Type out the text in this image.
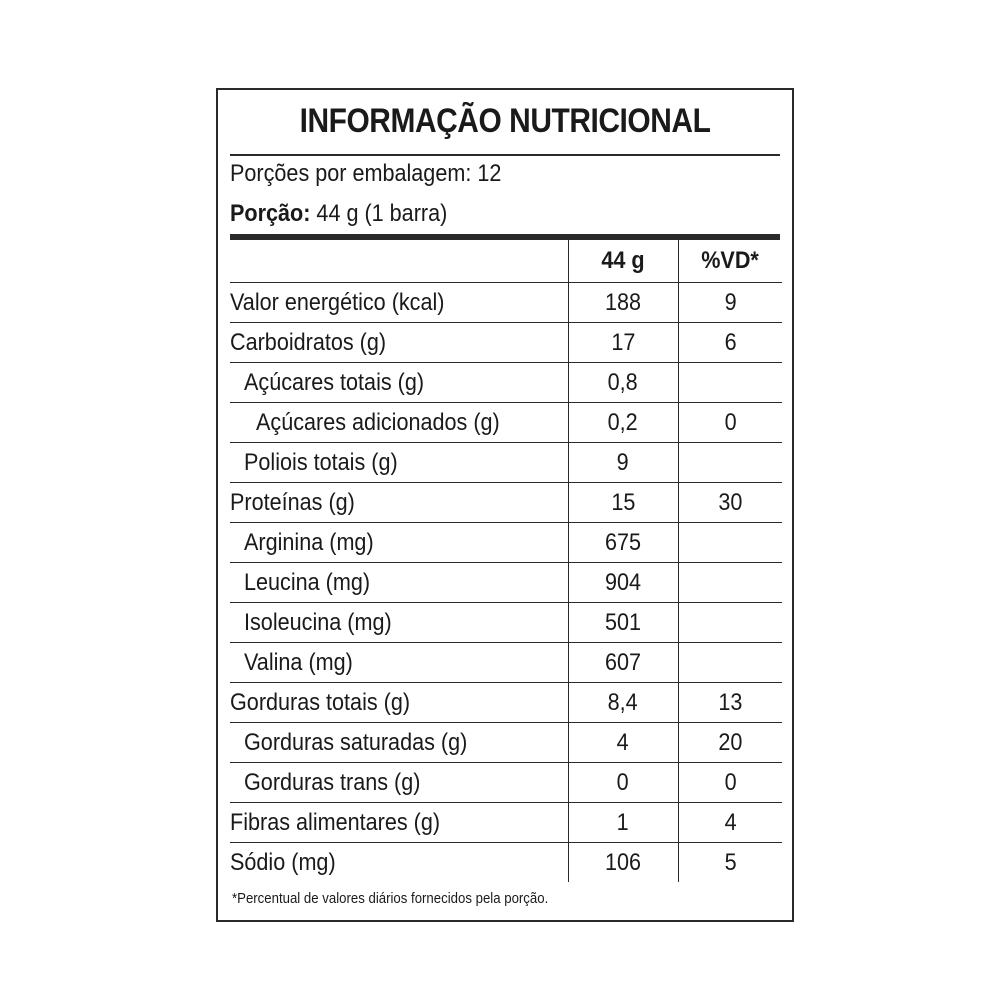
INFORMAÇÃO NUTRICIONAL
Porções por embalagem: 12
Porção: 44 g (1 barra)
	44 g	%VD*
Valor energético (kcal)	188	9
Carboidratos (g)	17	6
Açúcares totais (g)	0,8	
Açúcares adicionados (g)	0,2	0
Poliois totais (g)	9	
Proteínas (g)	15	30
Arginina (mg)	675	
Leucina (mg)	904	
Isoleucina (mg)	501	
Valina (mg)	607	
Gorduras totais (g)	8,4	13
Gorduras saturadas (g)	4	20
Gorduras trans (g)	0	0
Fibras alimentares (g)	1	4
Sódio (mg)	106	5
*Percentual de valores diários fornecidos pela porção.
